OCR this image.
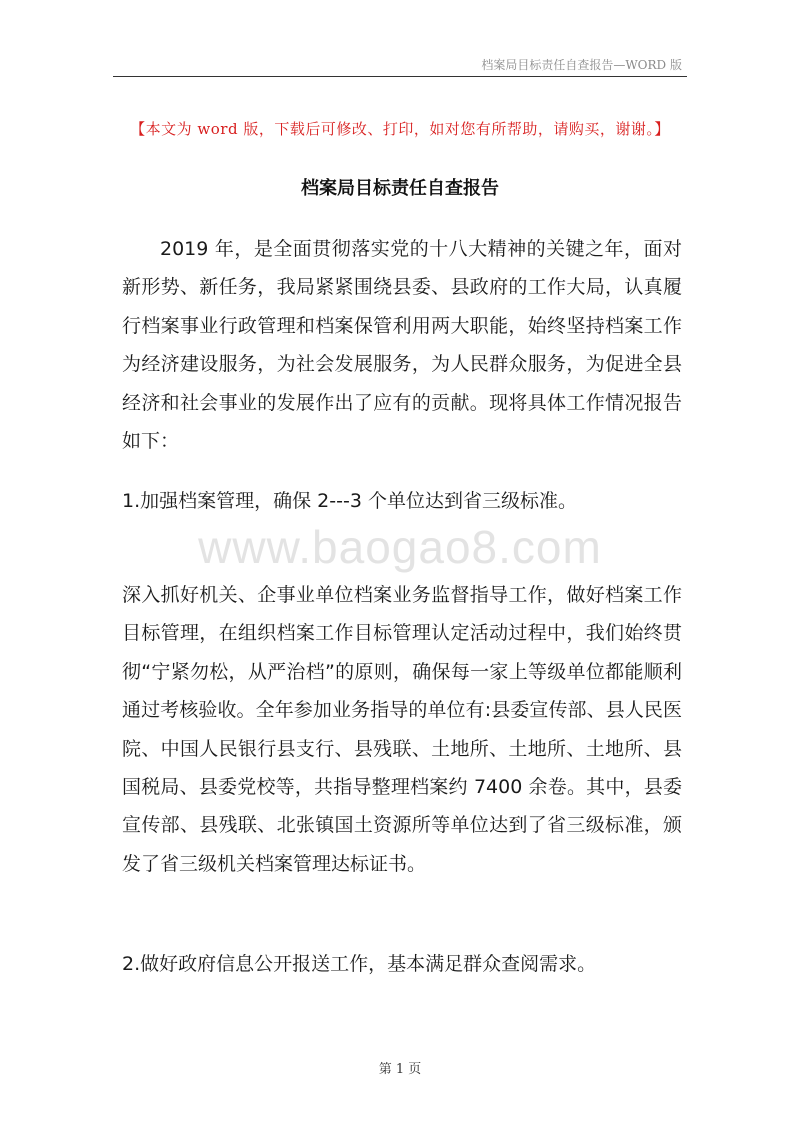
档案局目标责任自查报告—WORD 版
【本文为 word 版，下载后可修改、打印，如对您有所帮助，请购买，谢谢。】
档案局目标责任自查报告
2019 年，是全面贯彻落实党的十八大精神的关键之年，面对新形势、新任务，我局紧紧围绕县委、县政府的工作大局，认真履行档案事业行政管理和档案保管利用两大职能，始终坚持档案工作为经济建设服务，为社会发展服务，为人民群众服务，为促进全县经济和社会事业的发展作出了应有的贡献。现将具体工作情况报告如下：
1.加强档案管理，确保 2---3 个单位达到省三级标准。
www.baogao8.com
深入抓好机关、企事业单位档案业务监督指导工作，做好档案工作目标管理，在组织档案工作目标管理认定活动过程中，我们始终贯彻“宁紧勿松，从严治档”的原则，确保每一家上等级单位都能顺利通过考核验收。全年参加业务指导的单位有:县委宣传部、县人民医院、中国人民银行县支行、县残联、土地所、土地所、土地所、县国税局、县委党校等，共指导整理档案约 7400 余卷。其中，县委宣传部、县残联、北张镇国土资源所等单位达到了省三级标准，颁发了省三级机关档案管理达标证书。
2.做好政府信息公开报送工作，基本满足群众查阅需求。
第 1 页
